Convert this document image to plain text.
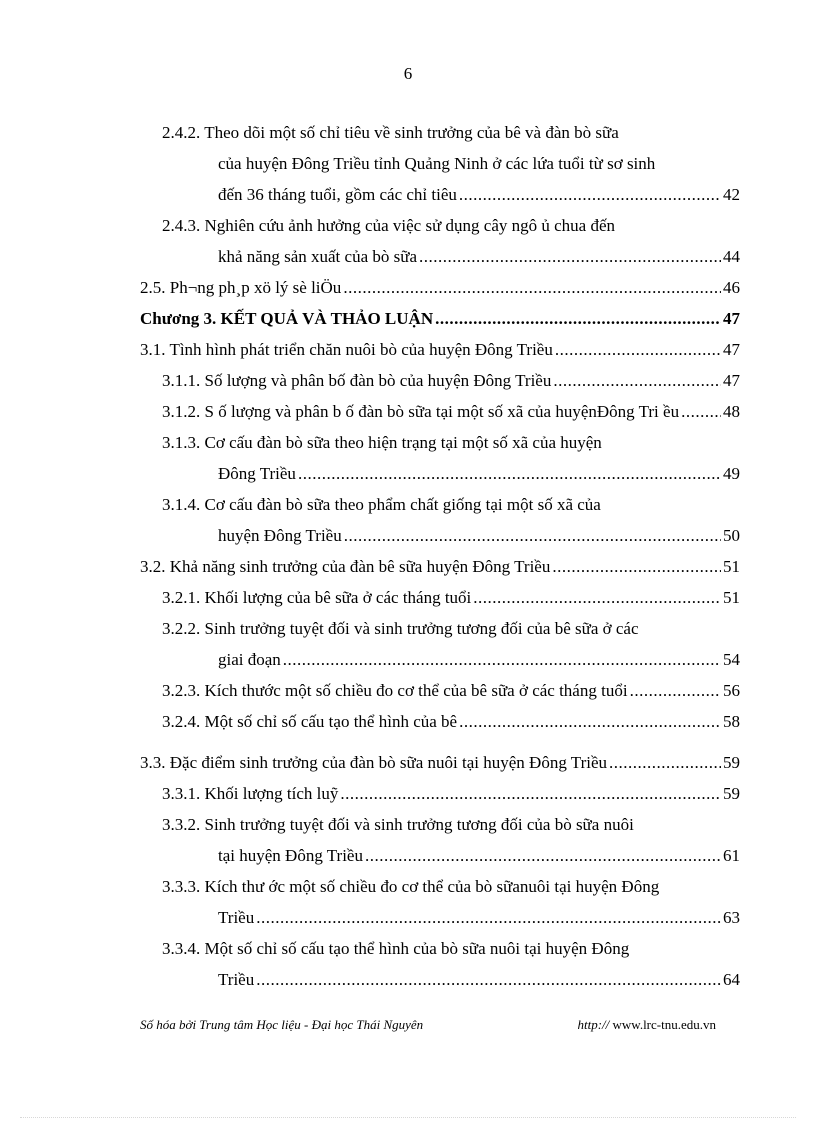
6
2.4.2. Theo dõi một số chỉ tiêu về sinh trưởng của bê và đàn bò sữa
của huyện Đông Triều tỉnh Quảng Ninh ở các lứa tuổi từ sơ sinh
đến 36 tháng tuổi, gồm các chỉ tiêu .....	42
2.4.3. Nghiên cứu ảnh hưởng của việc sử dụng cây ngô ủ chua đến
khả năng sản xuất của bò sữa .....	44
2.5. Ph¬ng ph¸p xö lý sè liÖu .....	46
Chương 3. KẾT QUẢ VÀ THẢO LUẬN .....	47
3.1. Tình hình phát triển chăn nuôi bò của huyện Đông Triều .....	47
3.1.1. Số lượng và phân bố đàn bò của huyện Đông Triều .....	47
3.1.2. S ố lượng và phân b ố đàn bò sữa tại một số xã của huyệnĐông Tri ều .....	48
3.1.3. Cơ cấu đàn bò sữa theo hiện trạng tại một số xã của huyện
Đông Triều .....	49
3.1.4. Cơ cấu đàn bò sữa theo phẩm chất giống tại một số xã của
huyện Đông Triều .....	50
3.2. Khả năng sinh trưởng của đàn bê sữa huyện Đông Triều .....	51
3.2.1. Khối lượng của bê sữa ở các tháng tuổi .....	51
3.2.2. Sinh trưởng tuyệt đối và sinh trưởng tương đối của bê sữa ở các
giai đoạn .....	54
3.2.3. Kích thước một số chiều đo cơ thể của bê sữa ở các tháng tuổi .....	56
3.2.4. Một số chỉ số cấu tạo thể hình của bê .....	58
3.3. Đặc điểm sinh trưởng của đàn bò sữa nuôi tại huyện Đông Triều .....	59
3.3.1. Khối lượng tích luỹ .....	59
3.3.2. Sinh trưởng tuyệt đối và sinh trưởng tương đối của bò sữa nuôi
tại huyện Đông Triều .....	61
3.3.3. Kích thư ớc một số chiều đo cơ thể của bò sữanuôi tại huyện Đông
Triều .....	63
3.3.4. Một số chỉ số cấu tạo thể hình của bò sữa nuôi tại huyện Đông
Triều .....	64
Số hóa bởi Trung tâm Học liệu - Đại học Thái Nguyên	http:// www.lrc-tnu.edu.vn
